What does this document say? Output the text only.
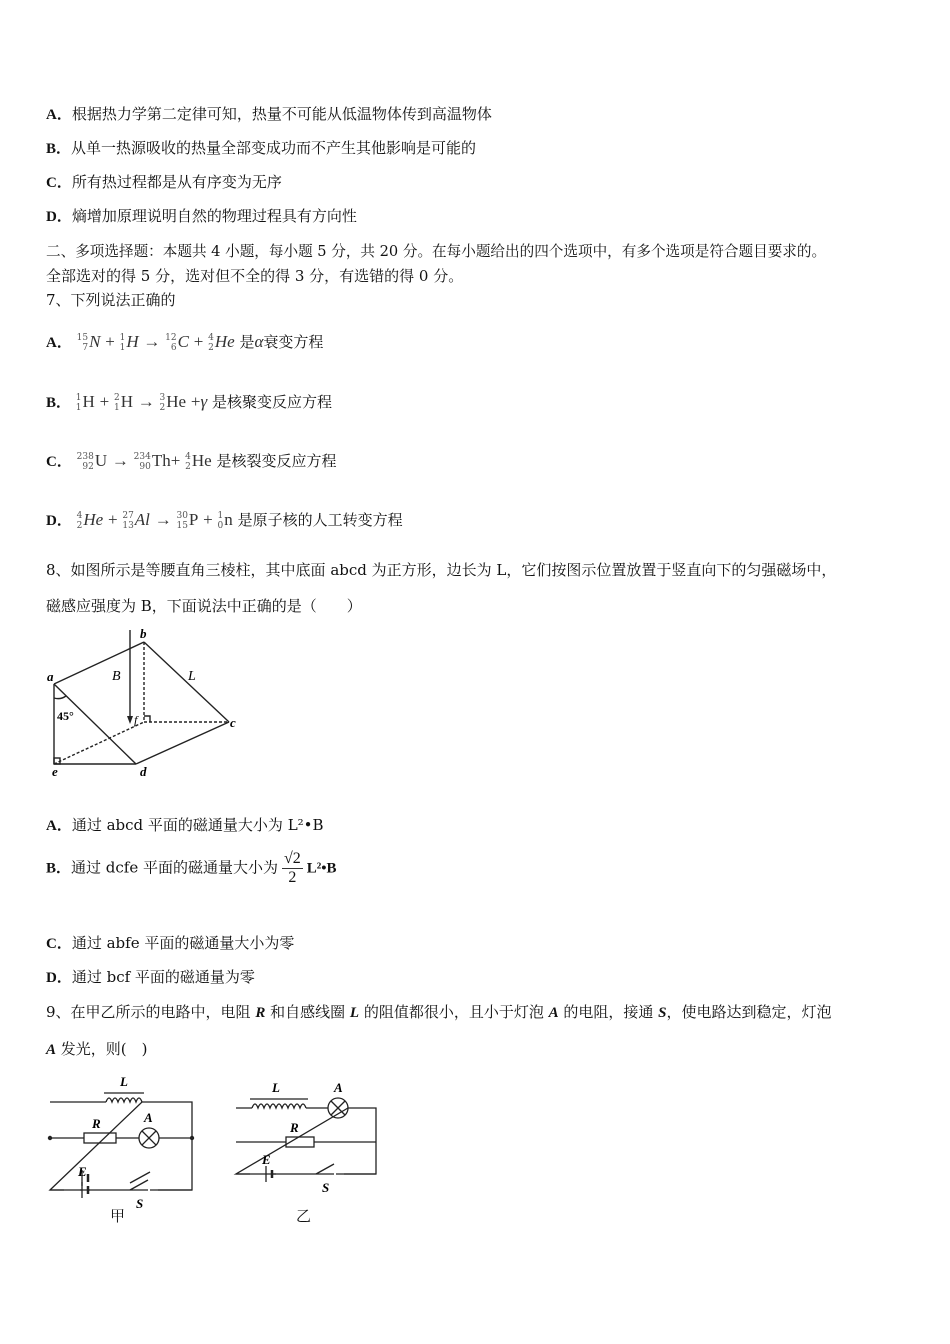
A．根据热力学第二定律可知，热量不可能从低温物体传到高温物体
B．从单一热源吸收的热量全部变成功而不产生其他影响是可能的
C．所有热过程都是从有序变为无序
D．熵增加原理说明自然的物理过程具有方向性
二、多项选择题：本题共 4 小题，每小题 5 分，共 20 分。在每小题给出的四个选项中，有多个选项是符合题目要求的。
全部选对的得 5 分，选对但不全的得 3 分，有选错的得 0 分。
7、下列说法正确的
A． 15
7 N + 1
1 H → 12
6 C + 4
2 He 是α衰变方程
B． 1
1 H + 2
1 H → 3
2 He +γ 是核聚变反应方程
C． 238
92 U → 234
90 Th+ 4
2 He 是核裂变反应方程
D． 4
2 He + 27
13 Al → 30
15 P + 1
0 n 是原子核的人工转变方程
8、如图所示是等腰直角三棱柱，其中底面 abcd 为正方形，边长为 L，它们按图示位置放置于竖直向下的匀强磁场中，
磁感应强度为 B，下面说法中正确的是（　　）
a
b
c
d
e
f
B	L
45°
A．通过 abcd 平面的磁通量大小为 L²•B
B．通过 dcfe 平面的磁通量大小为 $\frac{√2}{2}$ L²•B
C．通过 abfe 平面的磁通量大小为零
D．通过 bcf 平面的磁通量为零
9、在甲乙所示的电路中，电阻 R 和自感线圈 L 的阻值都很小，且小于灯泡 A 的电阻，接通 S，使电路达到稳定，灯泡
A 发光，则(　)
L
R	A
E
S
甲
L	A
R
E
S
乙
